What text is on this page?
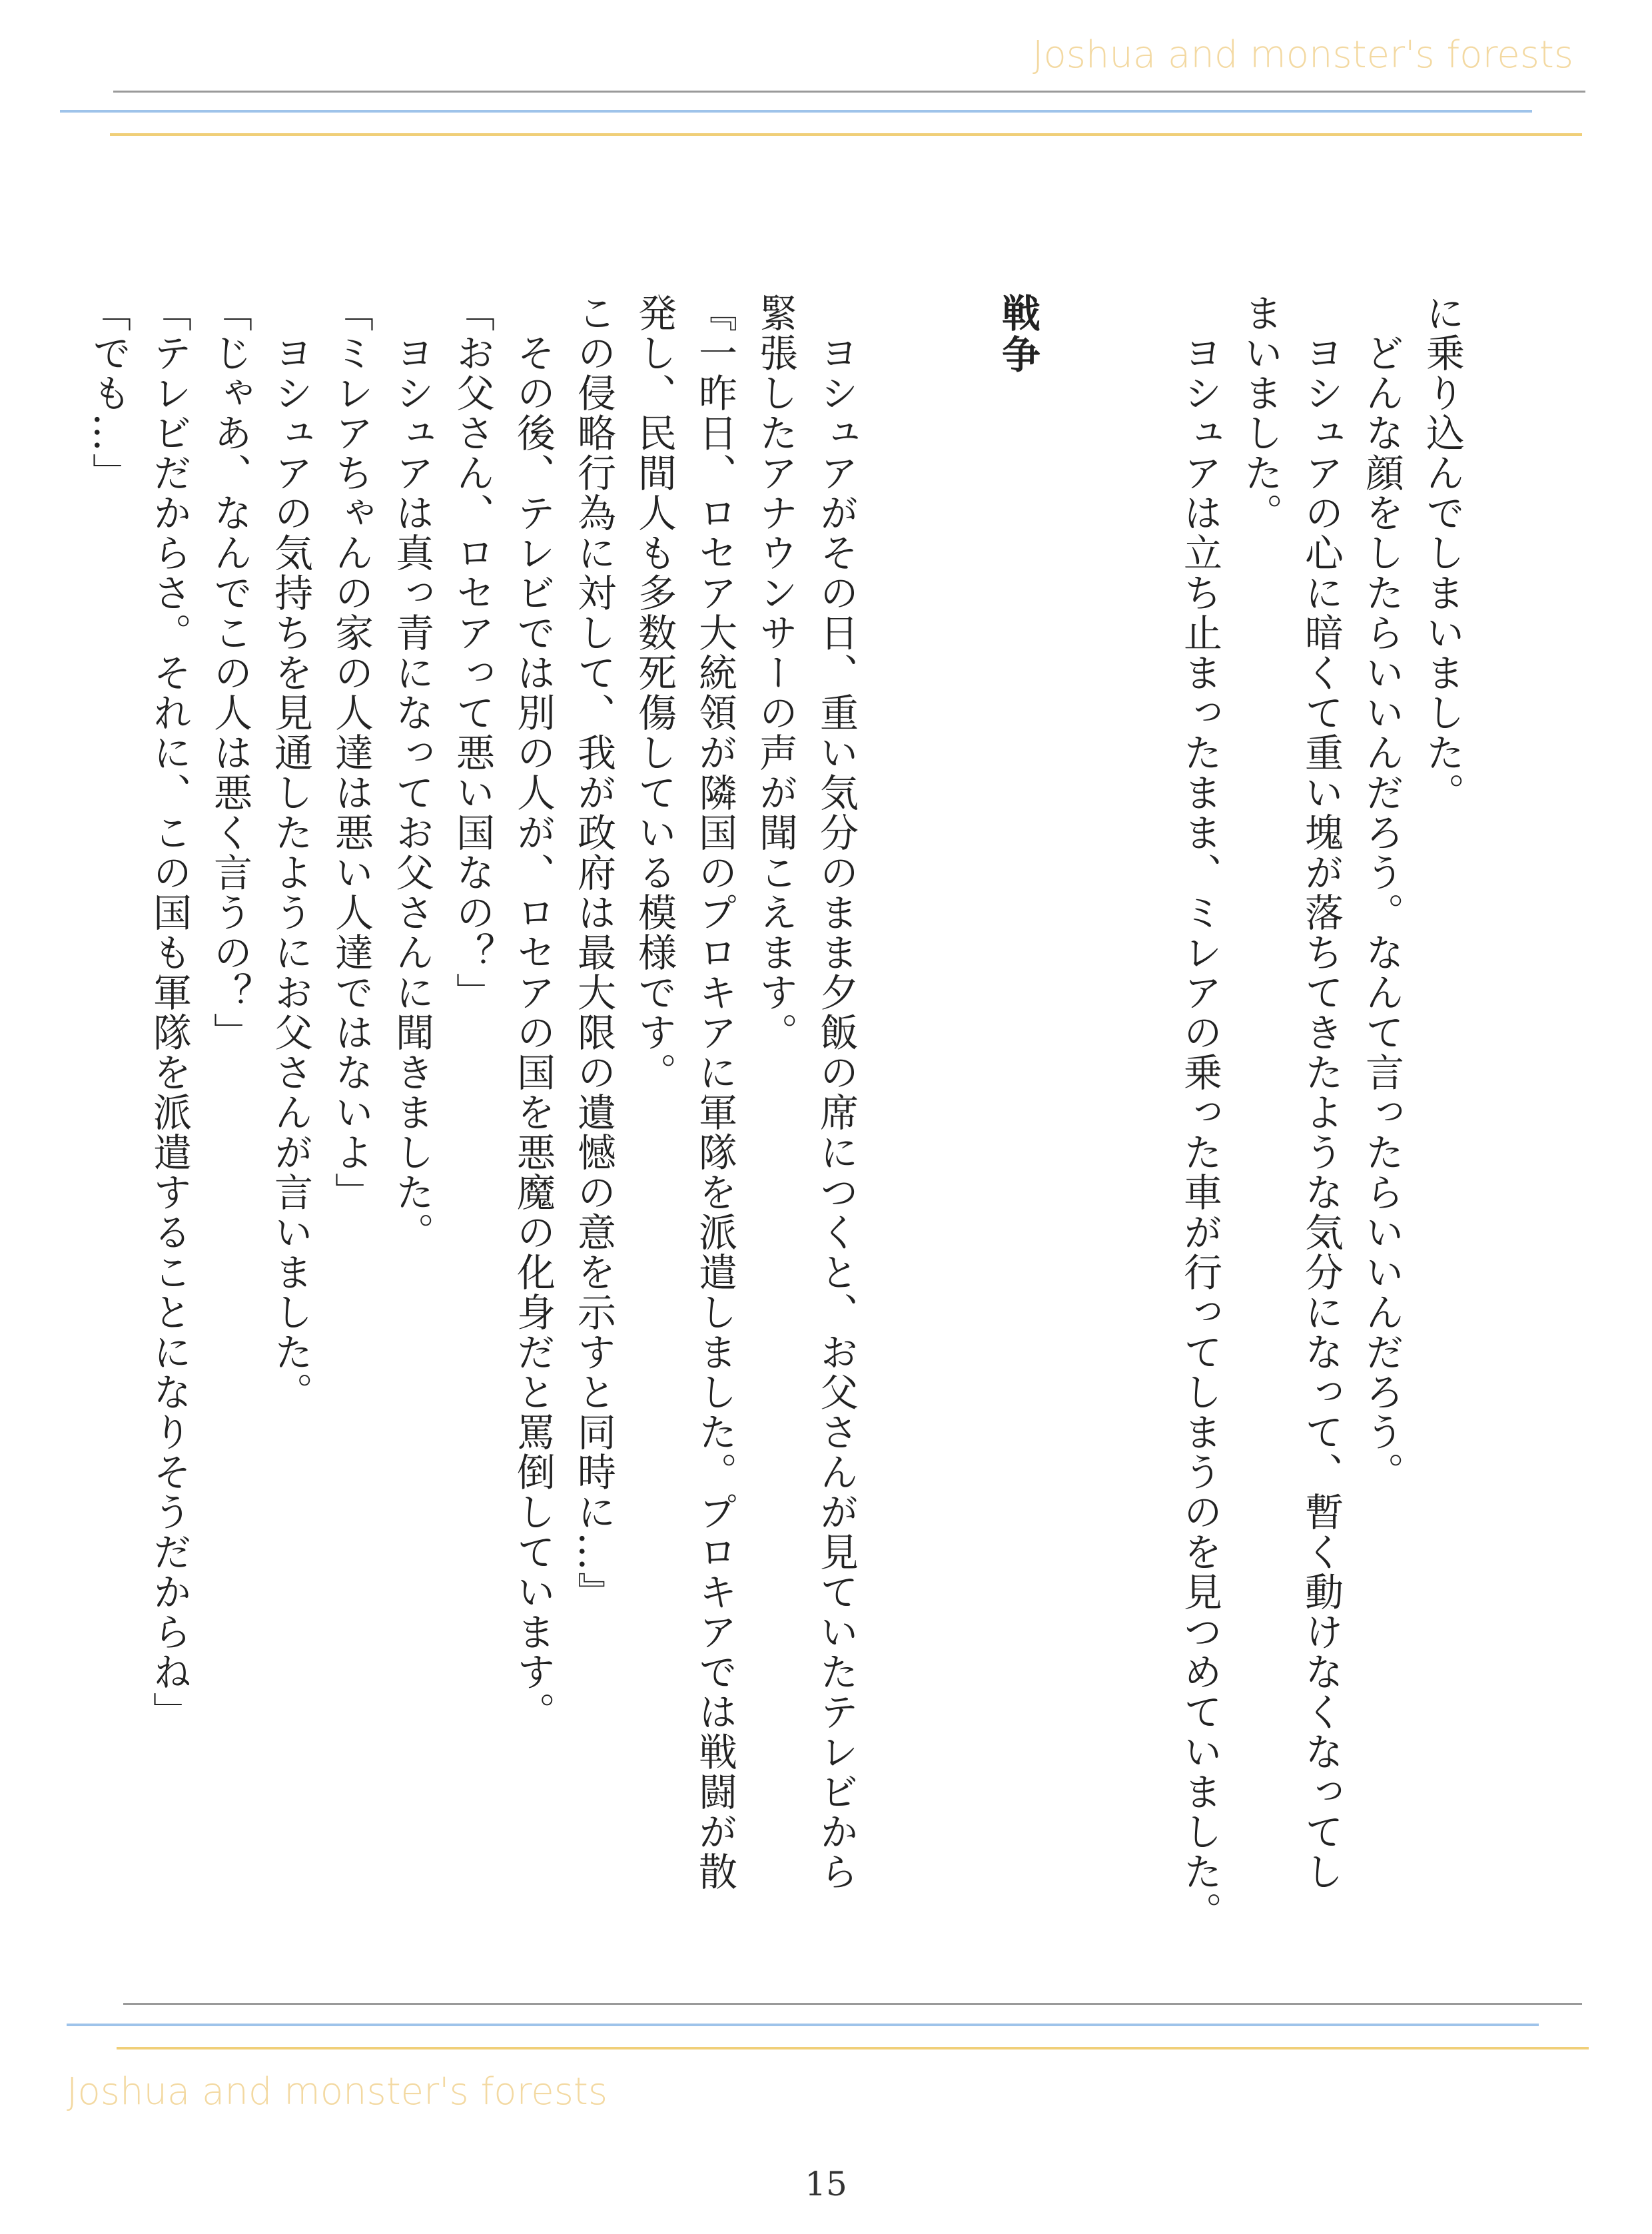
Joshua and monster's forests

に乗り込んでしまいました。

　どんな顔をしたらいいんだろう。なんて言ったらいいんだろう。

　ヨシュアの心に暗くて重い塊が落ちてきたような気分になって、暫く動けなくなってし

まいました。

　ヨシュアは立ち止まったまま、ミレアの乗った車が行ってしまうのを見つめていました。

戦争

　ヨシュアがその日、重い気分のまま夕飯の席につくと、お父さんが見ていたテレビから

緊張したアナウンサーの声が聞こえます。

『一昨日、ロセア大統領が隣国のプロキアに軍隊を派遣しました。プロキアでは戦闘が散

発し、民間人も多数死傷している模様です。

この侵略行為に対して、我が政府は最大限の遺憾の意を示すと同時に…』

　その後、テレビでは別の人が、ロセアの国を悪魔の化身だと罵倒しています。

「お父さん、ロセアって悪い国なの？」

　ヨシュアは真っ青になってお父さんに聞きました。

「ミレアちゃんの家の人達は悪い人達ではないよ」

　ヨシュアの気持ちを見通したようにお父さんが言いました。

「じゃあ、なんでこの人は悪く言うの？」

「テレビだからさ。それに、この国も軍隊を派遣することになりそうだからね」

「でも…」

Joshua and monster's forests
15
